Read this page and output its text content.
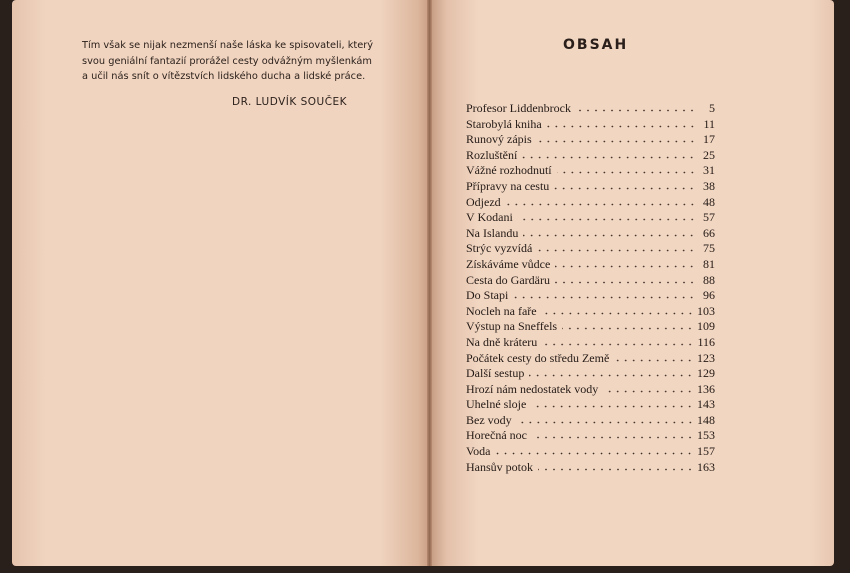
Tím však se nijak nezmenší naše láska ke spisovateli, který
svou geniální fantazií prorážel cesty odvážným myšlenkám
a učil nás snít o vítězstvích lidského ducha a lidské práce.
DR. LUDVÍK SOUČEK
OBSAH
Profesor Liddenbrock	5
Starobylá kniha	11
Runový zápis	17
Rozluštění	25
Vážné rozhodnutí	31
Přípravy na cestu	38
Odjezd	48
V Kodani	57
Na Islandu	66
Strýc vyzvídá	75
Získáváme vůdce	81
Cesta do Gardäru	88
Do Stapi	96
Nocleh na faře	103
Výstup na Sneffels	109
Na dně kráteru	116
Počátek cesty do středu Země	123
Další sestup	129
Hrozí nám nedostatek vody	136
Uhelné sloje	143
Bez vody	148
Horečná noc	153
Voda	157
Hansův potok	163
